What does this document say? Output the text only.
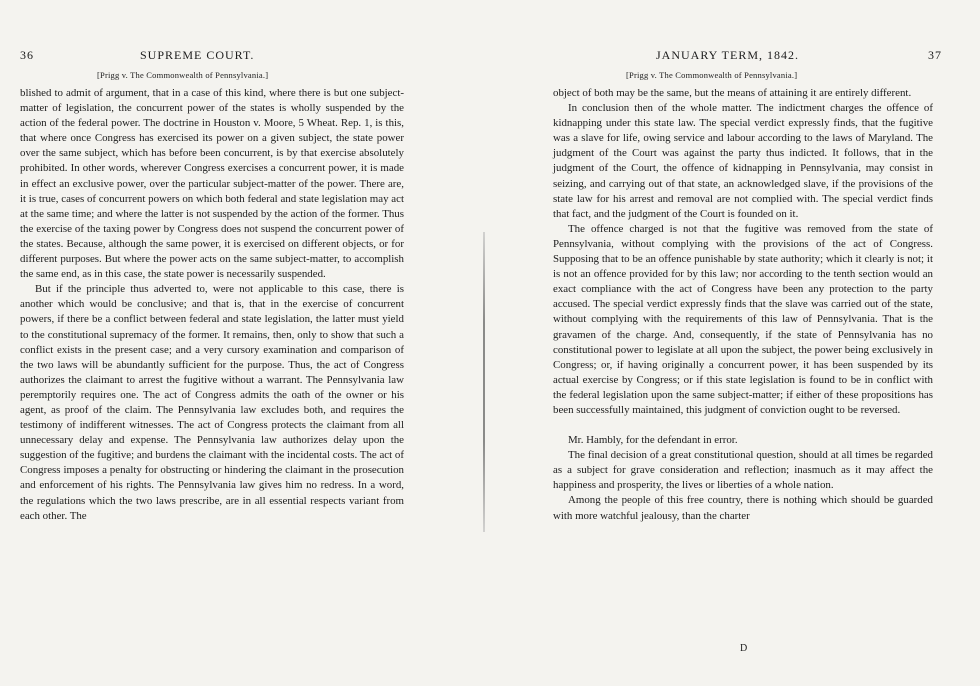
36	SUPREME COURT.
[Prigg v. The Commonwealth of Pennsylvania.]

blished to admit of argument, that in a case of this kind, where there is but one subject-matter of legislation, the concurrent power of the states is wholly suspended by the action of the federal power. The doctrine in Houston v. Moore, 5 Wheat. Rep. 1, is this, that where once Congress has exercised its power on a given subject, the state power over the same subject, which has before been concurrent, is by that exercise absolutely prohibited. In other words, wherever Congress exercises a concurrent power, it is made in effect an exclusive power, over the particular subject-matter of the power. There are, it is true, cases of concurrent powers on which both federal and state legislation may act at the same time; and where the latter is not suspended by the action of the former. Thus the exercise of the taxing power by Congress does not suspend the concurrent power of the states. Because, although the same power, it is exercised on different objects, or for different purposes. But where the power acts on the same subject-matter, to accomplish the same end, as in this case, the state power is necessarily suspended.

But if the principle thus adverted to, were not applicable to this case, there is another which would be conclusive; and that is, that in the exercise of concurrent powers, if there be a conflict between federal and state legislation, the latter must yield to the constitutional supremacy of the former. It remains, then, only to show that such a conflict exists in the present case; and a very cursory examination and comparison of the two laws will be abundantly sufficient for the purpose. Thus, the act of Congress authorizes the claimant to arrest the fugitive without a warrant. The Pennsylvania law peremptorily requires one. The act of Congress admits the oath of the owner or his agent, as proof of the claim. The Pennsylvania law excludes both, and requires the testimony of indifferent witnesses. The act of Congress protects the claimant from all unnecessary delay and expense. The Pennsylvania law authorizes delay upon the suggestion of the fugitive; and burdens the claimant with the incidental costs. The act of Congress imposes a penalty for obstructing or hindering the claimant in the prosecution and enforcement of his rights. The Pennsylvania law gives him no redress. In a word, the regulations which the two laws prescribe, are in all essential respects variant from each other. The

JANUARY TERM, 1842.	37
[Prigg v. The Commonwealth of Pennsylvania.]

object of both may be the same, but the means of attaining it are entirely different.

In conclusion then of the whole matter. The indictment charges the offence of kidnapping under this state law. The special verdict expressly finds, that the fugitive was a slave for life, owing service and labour according to the laws of Maryland. The judgment of the Court was against the party thus indicted. It follows, that in the judgment of the Court, the offence of kidnapping in Pennsylvania, may consist in seizing, and carrying out of that state, an acknowledged slave, if the provisions of the state law for his arrest and removal are not complied with. The special verdict finds that fact, and the judgment of the Court is founded on it.

The offence charged is not that the fugitive was removed from the state of Pennsylvania, without complying with the provisions of the act of Congress. Supposing that to be an offence punishable by state authority; which it clearly is not; it is not an offence provided for by this law; nor according to the tenth section would an exact compliance with the act of Congress have been any protection to the party accused. The special verdict expressly finds that the slave was carried out of the state, without complying with the requirements of this law of Pennsylvania. That is the gravamen of the charge. And, consequently, if the state of Pennsylvania has no constitutional power to legislate at all upon the subject, the power being exclusively in Congress; or, if having originally a concurrent power, it has been suspended by its actual exercise by Congress; or if this state legislation is found to be in conflict with the federal legislation upon the same subject-matter; if either of these propositions has been successfully maintained, this judgment of conviction ought to be reversed.

Mr. Hambly, for the defendant in error.

The final decision of a great constitutional question, should at all times be regarded as a subject for grave consideration and reflection; inasmuch as it may affect the happiness and prosperity, the lives or liberties of a whole nation.

Among the people of this free country, there is nothing which should be guarded with more watchful jealousy, than the charter

D
